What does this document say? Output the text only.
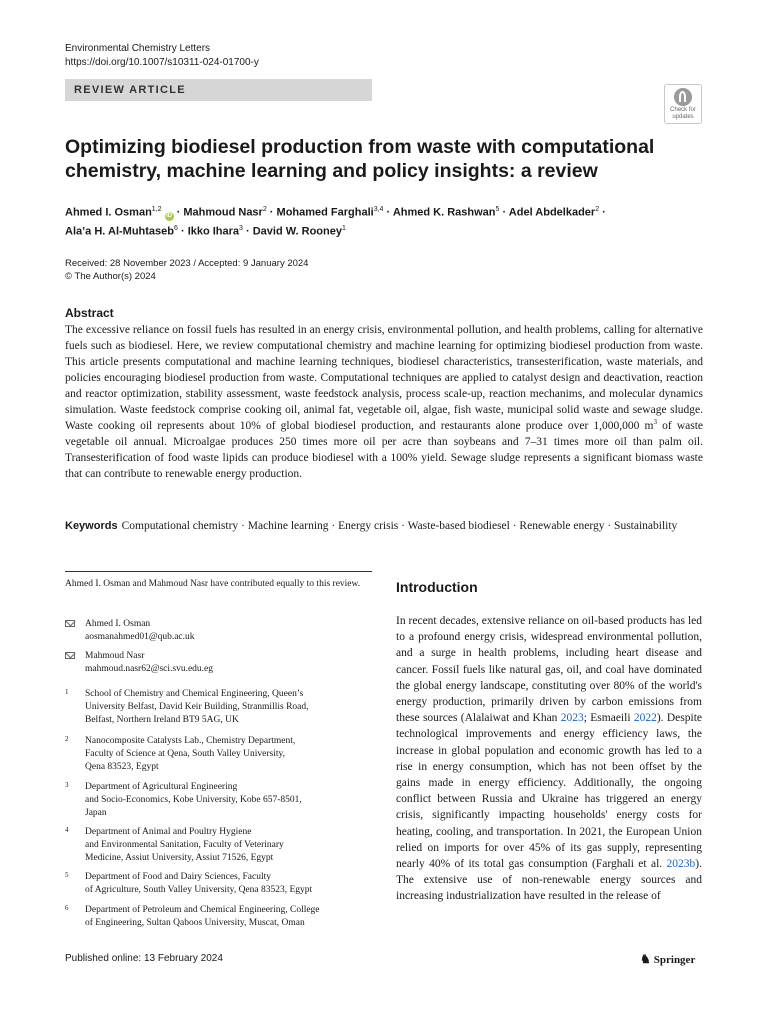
Environmental Chemistry Letters
https://doi.org/10.1007/s10311-024-01700-y
REVIEW ARTICLE
Check for
updates
Optimizing biodiesel production from waste with computational chemistry, machine learning and policy insights: a review
Ahmed I. Osman$^{1,2}$ iD · Mahmoud Nasr$^2$ · Mohamed Farghali$^{3,4}$ · Ahmed K. Rashwan$^5$ · Adel Abdelkader$^2$ ·
Ala’a H. Al‑Muhtaseb$^6$ · Ikko Ihara$^3$ · David W. Rooney$^1$
Received: 28 November 2023 / Accepted: 9 January 2024
© The Author(s) 2024
Abstract

The excessive reliance on fossil fuels has resulted in an energy crisis, environmental pollution, and health problems, calling for alternative fuels such as biodiesel. Here, we review computational chemistry and machine learning for optimizing biodiesel production from waste. This article presents computational and machine learning techniques, biodiesel characteristics, transesterification, waste materials, and policies encouraging biodiesel production from waste. Computational techniques are applied to catalyst design and deactivation, reaction and reactor optimization, stability assessment, waste feedstock analysis, process scale-up, reaction mechanims, and molecular dynamics simulation. Waste feedstock comprise cooking oil, animal fat, vegetable oil, algae, fish waste, municipal solid waste and sewage sludge. Waste cooking oil represents about 10% of global biodiesel production, and restaurants alone produce over 1,000,000 $m^3$ of waste vegetable oil annual. Microalgae produces 250 times more oil per acre than soybeans and 7–31 times more oil than palm oil. Transesterification of food waste lipids can produce biodiesel with a 100% yield. Sewage sludge represents a significant biomass waste that can contribute to renewable energy production.

Keywords Computational chemistry · Machine learning · Energy crisis · Waste-based biodiesel · Renewable energy · Sustainability
Ahmed I. Osman and Mahmoud Nasr have contributed equally to this review.
Ahmed I. Osman
aosmanahmed01@qub.ac.uk
Mahmoud Nasr
mahmoud.nasr62@sci.svu.edu.eg
1 School of Chemistry and Chemical Engineering, Queen’s
University Belfast, David Keir Building, Stranmillis Road,
Belfast, Northern Ireland BT9 5AG, UK
2 Nanocomposite Catalysts Lab., Chemistry Department,
Faculty of Science at Qena, South Valley University,
Qena 83523, Egypt
3 Department of Agricultural Engineering
and Socio-Economics, Kobe University, Kobe 657-8501,
Japan
4 Department of Animal and Poultry Hygiene
and Environmental Sanitation, Faculty of Veterinary
Medicine, Assiut University, Assiut 71526, Egypt
5 Department of Food and Dairy Sciences, Faculty
of Agriculture, South Valley University, Qena 83523, Egypt
6 Department of Petroleum and Chemical Engineering, College
of Engineering, Sultan Qaboos University, Muscat, Oman
Introduction

In recent decades, extensive reliance on oil-based products has led to a profound energy crisis, widespread environmental pollution, and a surge in health problems, including heart disease and cancer. Fossil fuels like natural gas, oil, and coal have dominated the global energy landscape, constituting over 80% of the world's energy production, primarily driven by carbon emissions from these sources (Alalaiwat and Khan 2023; Esmaeili 2022). Despite technological improvements and energy efficiency laws, the increase in global population and economic growth has led to a rise in energy consumption, which has not been offset by the gains made in energy efficiency. Additionally, the ongoing conflict between Russia and Ukraine has triggered an energy crisis, significantly impacting households' energy costs for heating, cooling, and transportation. In 2021, the European Union relied on imports for over 45% of its gas supply, representing nearly 40% of its total gas consumption (Farghali et al. 2023b). The extensive use of non-renewable energy sources and increasing industrialization have resulted in the release of

Published online: 13 February 2024	♞ Springer
